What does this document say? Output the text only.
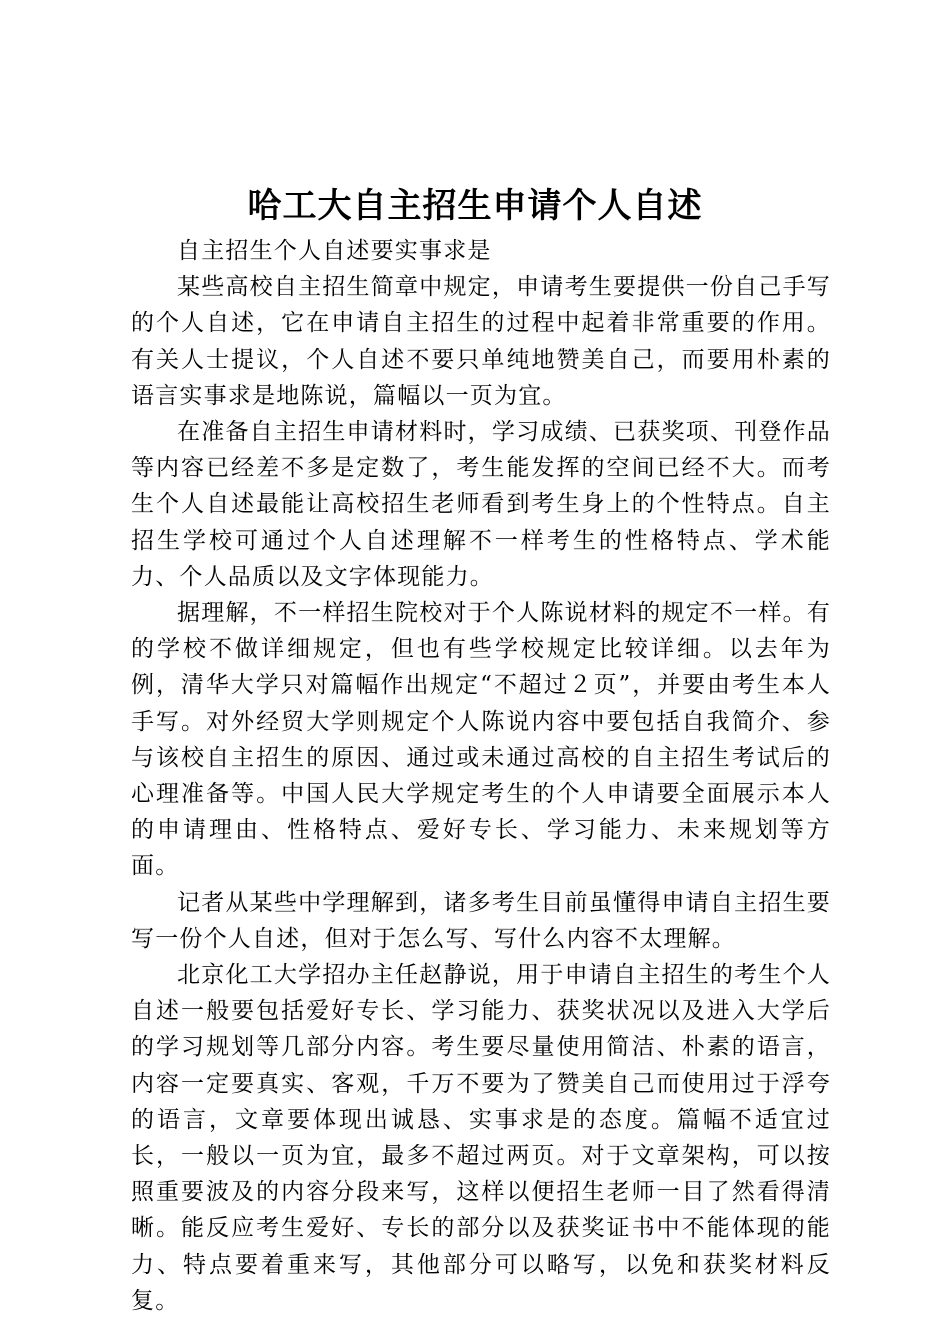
哈工大自主招生申请个人自述

自主招生个人自述要实事求是

某些高校自主招生简章中规定，申请考生要提供一份自己手写的个人自述，它在申请自主招生的过程中起着非常重要的作用。有关人士提议，个人自述不要只单纯地赞美自己，而要用朴素的语言实事求是地陈说，篇幅以一页为宜。

在准备自主招生申请材料时，学习成绩、已获奖项、刊登作品等内容已经差不多是定数了，考生能发挥的空间已经不大。而考生个人自述最能让高校招生老师看到考生身上的个性特点。自主招生学校可通过个人自述理解不一样考生的性格特点、学术能力、个人品质以及文字体现能力。

据理解，不一样招生院校对于个人陈说材料的规定不一样。有的学校不做详细规定，但也有些学校规定比较详细。以去年为例，清华大学只对篇幅作出规定“不超过２页”，并要由考生本人手写。对外经贸大学则规定个人陈说内容中要包括自我简介、参与该校自主招生的原因、通过或未通过高校的自主招生考试后的心理准备等。中国人民大学规定考生的个人申请要全面展示本人的申请理由、性格特点、爱好专长、学习能力、未来规划等方面。

记者从某些中学理解到，诸多考生目前虽懂得申请自主招生要写一份个人自述，但对于怎么写、写什么内容不太理解。

北京化工大学招办主任赵静说，用于申请自主招生的考生个人自述一般要包括爱好专长、学习能力、获奖状况以及进入大学后的学习规划等几部分内容。考生要尽量使用简洁、朴素的语言，内容一定要真实、客观，千万不要为了赞美自己而使用过于浮夸的语言，文章要体现出诚恳、实事求是的态度。篇幅不适宜过长，一般以一页为宜，最多不超过两页。对于文章架构，可以按照重要波及的内容分段来写，这样以便招生老师一目了然看得清晰。能反应考生爱好、专长的部分以及获奖证书中不能体现的能力、特点要着重来写，其他部分可以略写，以免和获奖材料反复。
